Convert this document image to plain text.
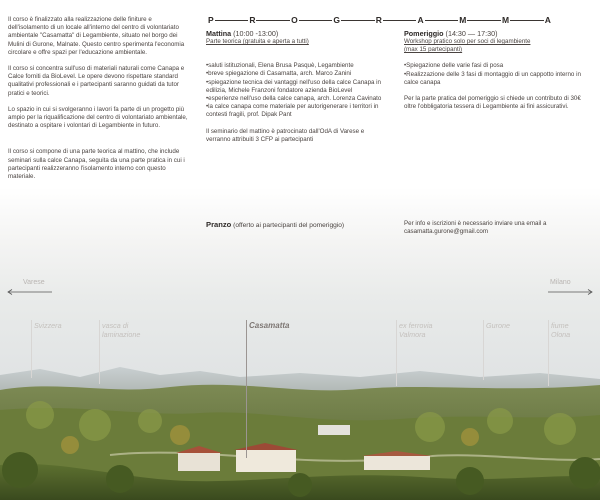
Il corso è finalizzato alla realizzazione delle finiture e dell'isolamento di un locale all'interno del centro di volontariato ambientale "Casamatta" di Legambiente, situato nel borgo dei Mulini di Gurone, Malnate. Questo centro sperimenta l'economia circolare e offre spazi per l'educazione ambientale.

Il corso si concentra sull'uso di materiali naturali come Canapa e Calce forniti da BioLevel. Le opere devono rispettare standard qualitativi professionali e i partecipanti saranno guidati da tutor pratici e teorici.

Lo spazio in cui si svolgeranno i lavori fa parte di un progetto più ampio per la riqualificazione del centro di volontariato ambientale, destinato a ospitare i volontari di Legambiente in futuro.

Il corso si compone di una parte teorica al mattino, che include seminari sulla calce Canapa, seguita da una parte pratica in cui i partecipanti realizzeranno l'isolamento interno con questo materiale.

P	R	O	G	R	A	M	M	A
Mattina (10:00 -13:00)

Parte teorica (gratuita e aperta a tutti)

•saluti istituzionali, Elena Brusa Pasquè, Legambiente

•breve spiegazione di Casamatta, arch. Marco Zanini

•spiegazione tecnica dei vantaggi nell'uso della calce Canapa in edilizia, Michele Franzoni fondatore azienda BioLevel

•esperienze nell'uso della calce canapa, arch. Lorenza Cavinato

•la calce canapa come materiale per autorigenerare i territori in contesti fragili, prof. Dipak Pant

Il seminario del mattino è patrocinato dall'OdA di Varese e verranno attribuiti 3 CFP ai partecipanti

Pomeriggio (14:30 — 17:30)

Workshop pratico solo per soci di legambiente

(max 15 partecipanti)

•Spiegazione delle varie fasi di posa

•Realizzazione delle 3 fasi di montaggio di un cappotto interno in calce canapa

Per la parte pratica del pomeriggio si chiede un contributo di 30€ oltre l'obbligatoria tessera di Legambiente ai fini assicurativi.

Pranzo (offerto ai partecipanti del pomeriggio)	Per info e iscrizioni è necessario inviare una email a casamatta.gurone@gmail.com
Varese	Milano
Svizzera	vasca di
laminazione
Casamatta	ex ferrovia
Valmora
Gurone	fiume
Olona
